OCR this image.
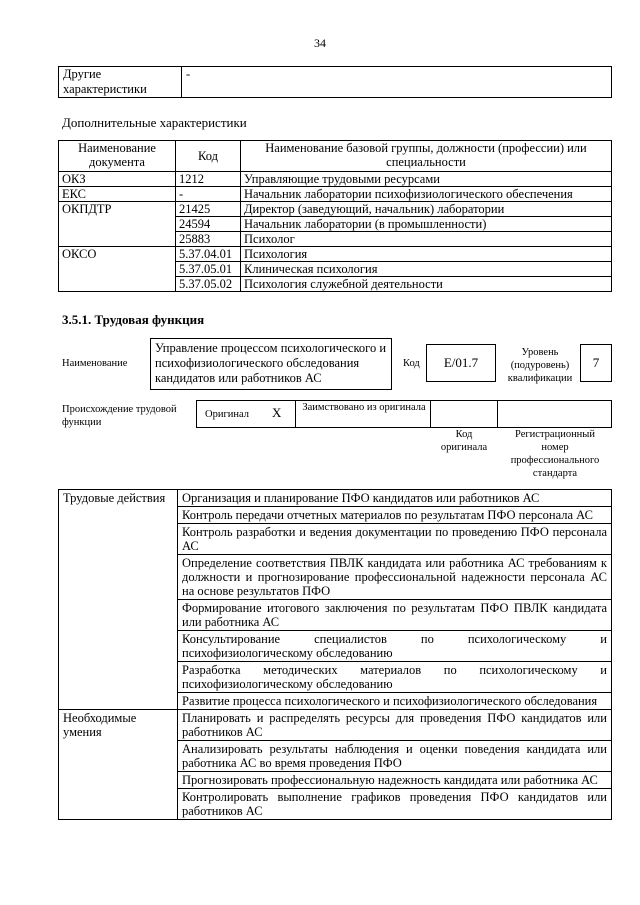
34
Другие характеристики	-
Дополнительные характеристики
Наименование документа	Код	Наименование базовой группы, должности (профессии) или специальности
ОКЗ	1212	Управляющие трудовыми ресурсами
ЕКС	-	Начальник лаборатории психофизиологического обеспечения
ОКПДТР	21425	Директор (заведующий, начальник) лаборатории
	24594	Начальник лаборатории (в промышленности)
	25883	Психолог
ОКСО	5.37.04.01	Психология
	5.37.05.01	Клиническая психология
	5.37.05.02	Психология служебной деятельности
3.5.1. Трудовая функция
Наименование
Управление процессом психологического и психофизиологического обследования кандидатов или работников АС
Код	E/01.7
Уровень (подуровень) квалификации
7
Происхождение трудовой функции
Оригинал X Заимствовано из оригинала
Код оригинала
Регистрационный номер профессионального стандарта
Трудовые действия	Организация и планирование ПФО кандидатов или работников АС
	Контроль передачи отчетных материалов по результатам ПФО персонала АС
	Контроль разработки и ведения документации по проведению ПФО персонала АС
	Определение соответствия ПВЛК кандидата или работника АС требованиям к должности и прогнозирование профессиональной надежности персонала АС на основе результатов ПФО
	Формирование итогового заключения по результатам ПФО ПВЛК кандидата или работника АС
	Консультирование специалистов по психологическому и психофизиологическому обследованию
	Разработка методических материалов по психологическому и психофизиологическому обследованию
	Развитие процесса психологического и психофизиологического обследования
Необходимые умения	Планировать и распределять ресурсы для проведения ПФО кандидатов или работников АС
	Анализировать результаты наблюдения и оценки поведения кандидата или работника АС во время проведения ПФО
	Прогнозировать профессиональную надежность кандидата или работника АС
	Контролировать выполнение графиков проведения ПФО кандидатов или работников АС
